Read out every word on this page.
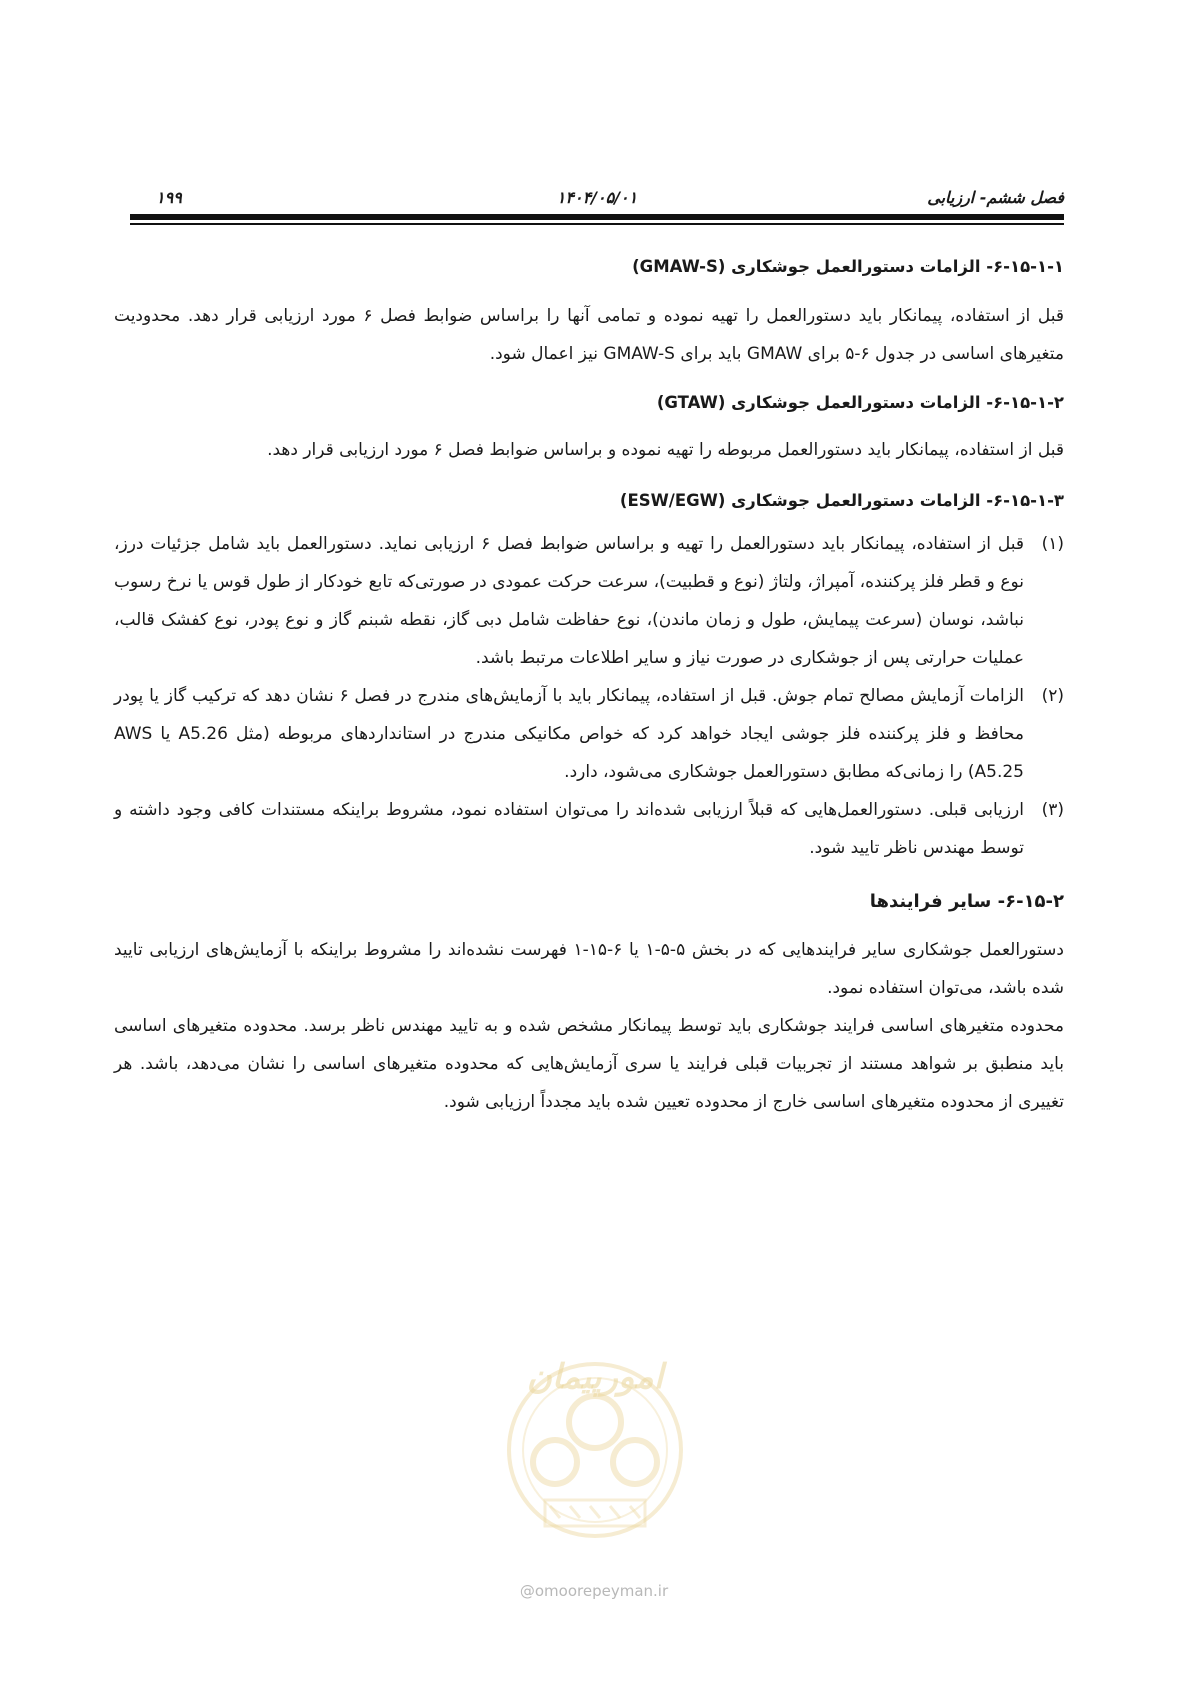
فصل ششم- ارزیابی
۱۴۰۴/۰۵/۰۱
۱۹۹
۶-۱۵-۱-۱- الزامات دستورالعمل جوشکاری (GMAW-S)

قبل از استفاده، پیمانکار باید دستورالعمل را تهیه نموده و تمامی آنها را براساس ضوابط فصل ۶ مورد ارزیابی قرار دهد. محدودیت متغیرهای اساسی در جدول ۶-۵ برای GMAW باید برای GMAW-S نیز اعمال شود.

۶-۱۵-۱-۲- الزامات دستورالعمل جوشکاری (GTAW)

قبل از استفاده، پیمانکار باید دستورالعمل مربوطه را تهیه نموده و براساس ضوابط فصل ۶ مورد ارزیابی قرار دهد.

۶-۱۵-۱-۳- الزامات دستورالعمل جوشکاری (ESW/EGW)
(۱)
قبل از استفاده، پیمانکار باید دستورالعمل را تهیه و براساس ضوابط فصل ۶ ارزیابی نماید. دستورالعمل باید شامل جزئیات درز، نوع و قطر فلز پرکننده، آمپراژ، ولتاژ (نوع و قطبیت)، سرعت حرکت عمودی در صورتی‌که تابع خودکار از طول قوس یا نرخ رسوب نباشد، نوسان (سرعت پیمایش، طول و زمان ماندن)، نوع حفاظت شامل دبی گاز، نقطه شبنم گاز و نوع پودر، نوع کفشک قالب، عملیات حرارتی پس از جوشکاری در صورت نیاز و سایر اطلاعات مرتبط باشد.
(۲)
الزامات آزمایش مصالح تمام جوش. قبل از استفاده، پیمانکار باید با آزمایش‌های مندرج در فصل ۶ نشان دهد که ترکیب گاز یا پودر محافظ و فلز پرکننده فلز جوشی ایجاد خواهد کرد که خواص مکانیکی مندرج در استانداردهای مربوطه (مثل A5.26 یا AWS A5.25) را زمانی‌که مطابق دستورالعمل جوشکاری می‌شود، دارد.
(۳)
ارزیابی قبلی. دستورالعمل‌هایی که قبلاً ارزیابی شده‌اند را می‌توان استفاده نمود، مشروط براینکه مستندات کافی وجود داشته و توسط مهندس ناظر تایید شود.
۶-۱۵-۲- سایر فرایندها

دستورالعمل جوشکاری سایر فرایندهایی که در بخش ۵-۵-۱ یا ۶-۱۵-۱ فهرست نشده‌اند را مشروط براینکه با آزمایش‌های ارزیابی تایید شده باشد، می‌توان استفاده نمود.

محدوده متغیرهای اساسی فرایند جوشکاری باید توسط پیمانکار مشخص شده و به تایید مهندس ناظر برسد. محدوده متغیرهای اساسی باید منطبق بر شواهد مستند از تجربیات قبلی فرایند یا سری آزمایش‌هایی که محدوده متغیرهای اساسی را نشان می‌دهد، باشد. هر تغییری از محدوده متغیرهای اساسی خارج از محدوده تعیین شده باید مجدداً ارزیابی شود.

امورپیمان
@omoorepeyman.ir
